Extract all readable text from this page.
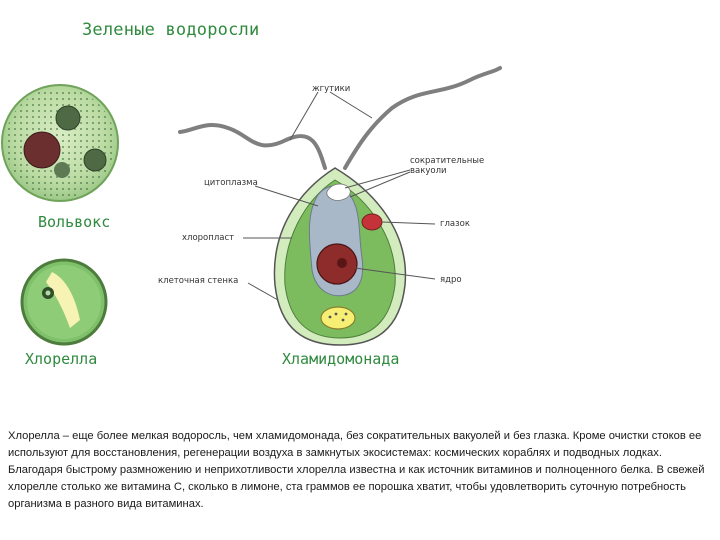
Зеленые водоросли
жгутики
сократительные вакуоли
цитоплазма
глазок
хлоропласт
ядро
клеточная стенка
Вольвокс
Хлорелла	Хламидомонада
Хлорелла – еще более мелкая водоросль, чем хламидомонада, без сократительных вакуолей и без глазка. Кроме очистки стоков ее используют для восстановления, регенерации воздуха в замкнутых экосистемах: космических кораблях и подводных лодках. Благодаря быстрому размножению и неприхотливости хлорелла известна и как источник витаминов и полноценного белка. В свежей хлорелле столько же витамина С, сколько в лимоне, ста граммов ее порошка хватит, чтобы удовлетворить суточную потребность организма в разного вида витаминах.
